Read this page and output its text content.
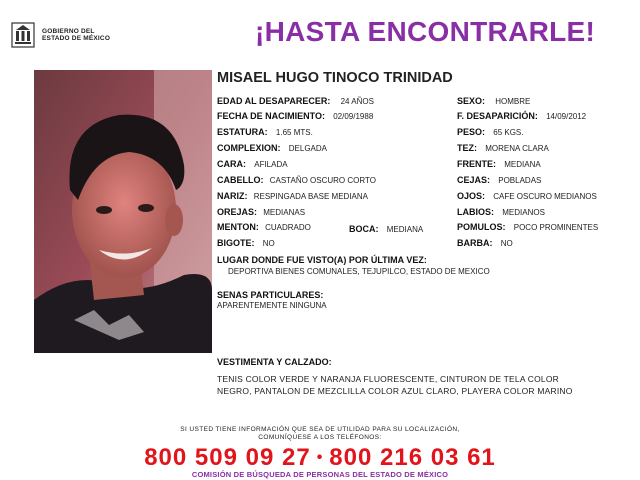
GOBIERNO DEL
ESTADO DE MÉXICO	¡HASTA ENCONTRARLE!
MISAEL HUGO TINOCO TRINIDAD
EDAD AL DESAPARECER: 24 AÑOS
FECHA DE NACIMIENTO: 02/09/1988
ESTATURA: 1.65 MTS.
COMPLEXION: DELGADA
CARA: AFILADA
CABELLO: CASTAÑO OSCURO CORTO
NARIZ: RESPINGADA BASE MEDIANA
OREJAS: MEDIANAS
MENTON: CUADRADO	BOCA: MEDIANA
BIGOTE: NO
SEXO: HOMBRE
F. DESAPARICIÓN: 14/09/2012
PESO: 65 KGS.
TEZ: MORENA CLARA
FRENTE: MEDIANA
CEJAS: POBLADAS
OJOS: CAFE OSCURO MEDIANOS
LABIOS: MEDIANOS
POMULOS: POCO PROMINENTES
BARBA: NO
LUGAR DONDE FUE VISTO(A) POR ÚLTIMA VEZ:
DEPORTIVA BIENES COMUNALES, TEJUPILCO, ESTADO DE MEXICO
SENAS PARTICULARES:
APARENTEMENTE NINGUNA
VESTIMENTA Y CALZADO:
TENIS COLOR VERDE Y NARANJA FLUORESCENTE, CINTURON DE TELA COLOR
NEGRO, PANTALON DE MEZCLILLA COLOR AZUL CLARO, PLAYERA COLOR MARINO
SI USTED TIENE INFORMACIÓN QUE SEA DE UTILIDAD PARA SU LOCALIZACIÓN,
COMUNÍQUESE A LOS TELÉFONOS:
800 509 09 27 • 800 216 03 61
COMISIÓN DE BÚSQUEDA DE PERSONAS DEL ESTADO DE MÉXICO
